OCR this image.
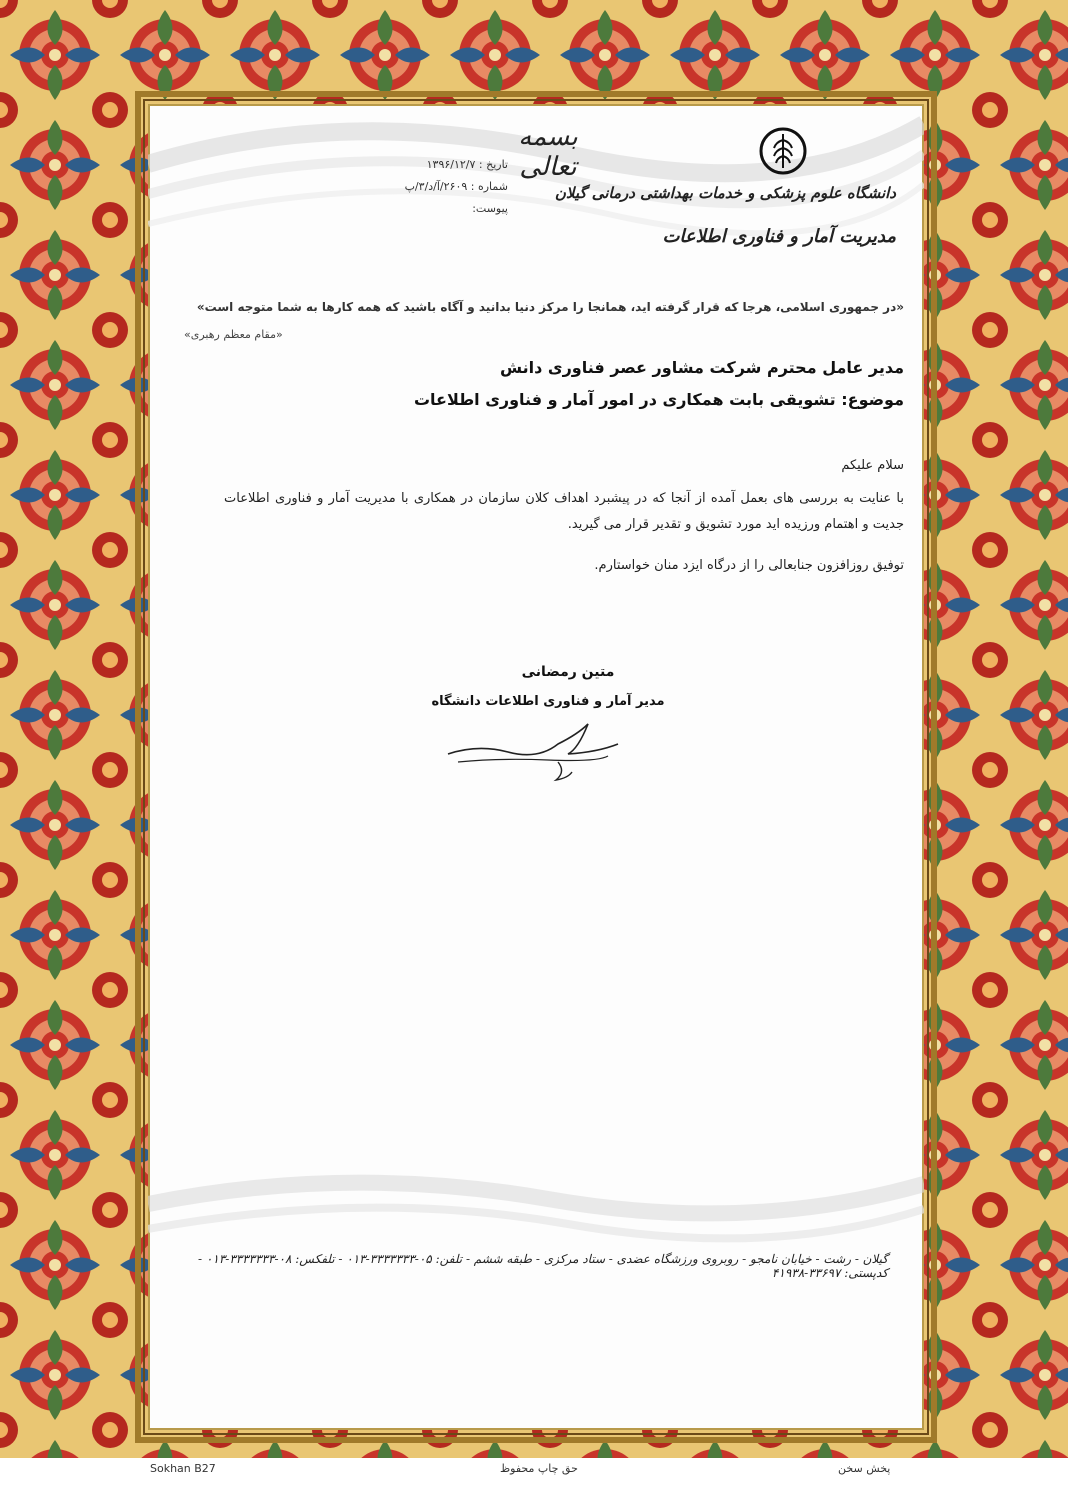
بسمه تعالی
دانشگاه علوم پزشکی و خدمات بهداشتی درمانی گیلان
مدیریت آمار و فناوری اطلاعات
تاریخ : ۱۳۹۶/۱۲/۷
شماره : ۲۶۰۹/آ/د/۳/پ
پیوست:
«در جمهوری اسلامی، هرجا که قرار گرفته اید، همانجا را مرکز دنیا بدانید و آگاه باشید که همه کارها به شما متوجه است»
«مقام معظم رهبری»
مدیر عامل محترم شرکت مشاور عصر فناوری دانش
موضوع: تشویقی بابت همکاری در امور آمار و فناوری اطلاعات
سلام علیکم
با عنایت به بررسی های بعمل آمده از آنجا که در پیشبرد اهداف کلان سازمان در همکاری با مدیریت آمار و فناوری اطلاعات جدیت و اهتمام ورزیده اید مورد تشویق و تقدیر قرار می گیرید.
توفیق روزافزون جنابعالی را از درگاه ایزد منان خواستارم.
متین رمضانی
مدیر آمار و فناوری اطلاعات دانشگاه
گیلان - رشت - خیابان نامجو - روبروی ورزشگاه عضدی - ستاد مرکزی - طبقه ششم - تلفن: ۰۵-۳۳۳۳۳۳۳-۰۱۳ - تلفکس: ۰۸-۳۳۳۳۳۳۳-۰۱۳ - کدپستی: ۳۳۶۹۷-۴۱۹۳۸
Sokhan B27	حق چاپ محفوظ	پخش سخن
